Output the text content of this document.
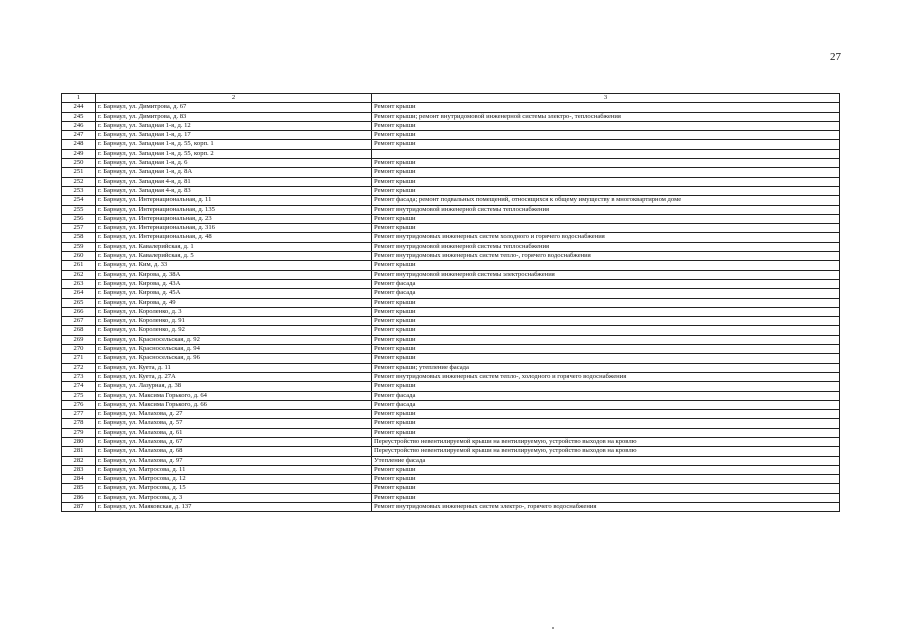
27
1	2	3
244	г. Барнаул, ул. Димитрова, д. 67	Ремонт крыши
245	г. Барнаул, ул. Димитрова, д. 83	Ремонт крыши; ремонт внутридомовой инженерной системы электро-, теплоснабжения
246	г. Барнаул, ул. Западная 1-я, д. 12	Ремонт крыши
247	г. Барнаул, ул. Западная 1-я, д. 17	Ремонт крыши
248	г. Барнаул, ул. Западная 1-я, д. 55, корп. 1	Ремонт крыши
249	г. Барнаул, ул. Западная 1-я, д. 55, корп. 2	
250	г. Барнаул, ул. Западная 1-я, д. 6	Ремонт крыши
251	г. Барнаул, ул. Западная 1-я, д. 8А	Ремонт крыши
252	г. Барнаул, ул. Западная 4-я, д. 81	Ремонт крыши
253	г. Барнаул, ул. Западная 4-я, д. 83	Ремонт крыши
254	г. Барнаул, ул. Интернациональная, д. 11	Ремонт фасада; ремонт подвальных помещений, относящихся к общему имуществу в многоквартирном доме
255	г. Барнаул, ул. Интернациональная, д. 135	Ремонт внутридомовой инженерной системы теплоснабжения
256	г. Барнаул, ул. Интернациональная, д. 23	Ремонт крыши
257	г. Барнаул, ул. Интернациональная, д. 316	Ремонт крыши
258	г. Барнаул, ул. Интернациональная, д. 48	Ремонт внутридомовых инженерных систем холодного и горячего водоснабжения
259	г. Барнаул, ул. Кавалерийская, д. 1	Ремонт внутридомовой инженерной системы теплоснабжения
260	г. Барнаул, ул. Кавалерийская, д. 5	Ремонт внутридомовых инженерных систем тепло-, горячего водоснабжения
261	г. Барнаул, ул. Ким, д. 33	Ремонт крыши
262	г. Барнаул, ул. Кирова, д. 38А	Ремонт внутридомовой инженерной системы электроснабжения
263	г. Барнаул, ул. Кирова, д. 43А	Ремонт фасада
264	г. Барнаул, ул. Кирова, д. 45А	Ремонт фасада
265	г. Барнаул, ул. Кирова, д. 49	Ремонт крыши
266	г. Барнаул, ул. Короленко, д. 3	Ремонт крыши
267	г. Барнаул, ул. Короленко, д. 91	Ремонт крыши
268	г. Барнаул, ул. Короленко, д. 92	Ремонт крыши
269	г. Барнаул, ул. Красносельская, д. 92	Ремонт крыши
270	г. Барнаул, ул. Красносельская, д. 94	Ремонт крыши
271	г. Барнаул, ул. Красносельская, д. 96	Ремонт крыши
272	г. Барнаул, ул. Куета, д. 11	Ремонт крыши; утепление фасада
273	г. Барнаул, ул. Куета, д. 27А	Ремонт внутридомовых инженерных систем тепло-, холодного и горячего водоснабжения
274	г. Барнаул, ул. Лазурная, д. 38	Ремонт крыши
275	г. Барнаул, ул. Максима Горького, д. 64	Ремонт фасада
276	г. Барнаул, ул. Максима Горького, д. 66	Ремонт фасада
277	г. Барнаул, ул. Малахова, д. 27	Ремонт крыши
278	г. Барнаул, ул. Малахова, д. 57	Ремонт крыши
279	г. Барнаул, ул. Малахова, д. 61	Ремонт крыши
280	г. Барнаул, ул. Малахова, д. 67	Переустройство невентилируемой крыши на вентилируемую, устройство выходов на кровлю
281	г. Барнаул, ул. Малахова, д. 68	Переустройство невентилируемой крыши на вентилируемую, устройство выходов на кровлю
282	г. Барнаул, ул. Малахова, д. 97	Утепление фасада
283	г. Барнаул, ул. Матросова, д. 11	Ремонт крыши
284	г. Барнаул, ул. Матросова, д. 12	Ремонт крыши
285	г. Барнаул, ул. Матросова, д. 15	Ремонт крыши
286	г. Барнаул, ул. Матросова, д. 3	Ремонт крыши
287	г. Барнаул, ул. Маяковская, д. 137	Ремонт внутридомовых инженерных систем электро-, горячего водоснабжения
